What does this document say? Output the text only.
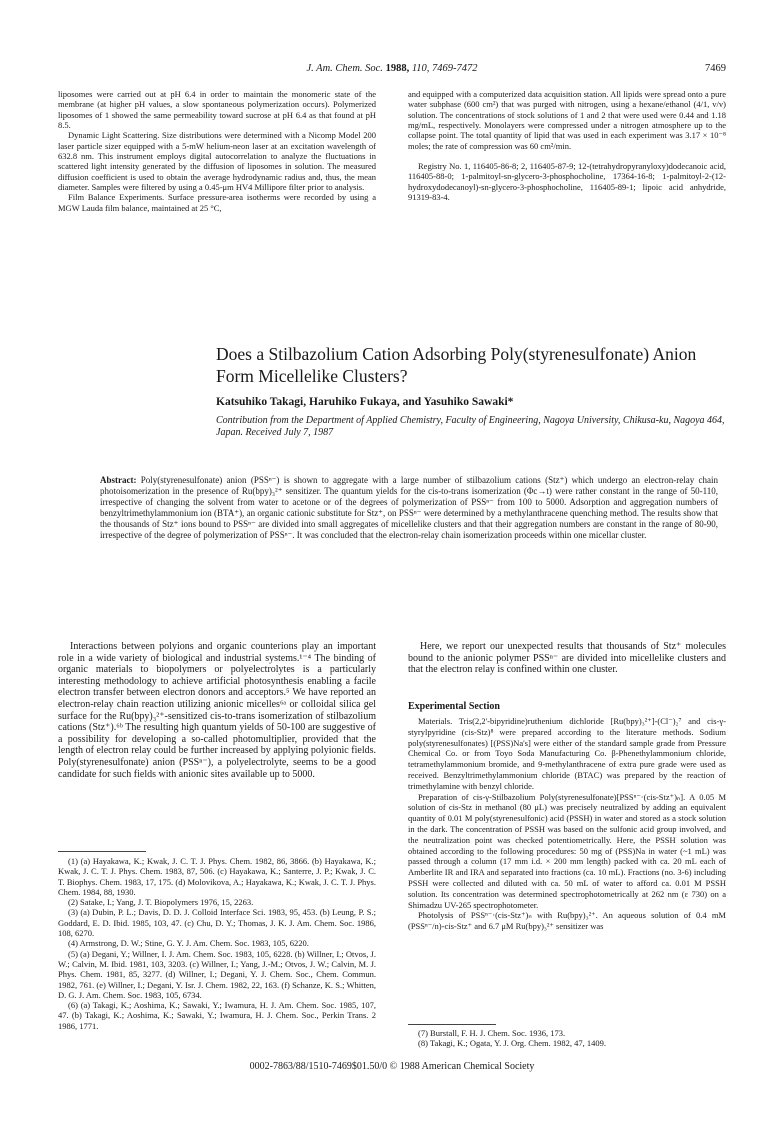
J. Am. Chem. Soc. 1988, 110, 7469-7472	7469

liposomes were carried out at pH 6.4 in order to maintain the monomeric state of the membrane (at higher pH values, a slow spontaneous polymerization occurs). Polymerized liposomes of 1 showed the same permeability toward sucrose at pH 6.4 as that found at pH 8.5.

Dynamic Light Scattering. Size distributions were determined with a Nicomp Model 200 laser particle sizer equipped with a 5-mW helium-neon laser at an excitation wavelength of 632.8 nm. This instrument employs digital autocorrelation to analyze the fluctuations in scattered light intensity generated by the diffusion of liposomes in solution. The measured diffusion coefficient is used to obtain the average hydrodynamic radius and, thus, the mean diameter. Samples were filtered by using a 0.45-μm HV4 Millipore filter prior to analysis.

Film Balance Experiments. Surface pressure-area isotherms were recorded by using a MGW Lauda film balance, maintained at 25 °C,

and equipped with a computerized data acquisition station. All lipids were spread onto a pure water subphase (600 cm²) that was purged with nitrogen, using a hexane/ethanol (4/1, v/v) solution. The concentrations of stock solutions of 1 and 2 that were used were 0.44 and 1.18 mg/mL, respectively. Monolayers were compressed under a nitrogen atmosphere up to the collapse point. The total quantity of lipid that was used in each experiment was 3.17 × 10⁻⁸ moles; the rate of compression was 60 cm²/min.

Registry No. 1, 116405-86-8; 2, 116405-87-9; 12-(tetrahydropyranyloxy)dodecanoic acid, 116405-88-0; 1-palmitoyl-sn-glycero-3-phosphocholine, 17364-16-8; 1-palmitoyl-2-(12-hydroxydodecanoyl)-sn-glycero-3-phosphocholine, 116405-89-1; lipoic acid anhydride, 91319-83-4.

Does a Stilbazolium Cation Adsorbing Poly(styrenesulfonate) Anion Form Micellelike Clusters?
Katsuhiko Takagi, Haruhiko Fukaya, and Yasuhiko Sawaki*
Contribution from the Department of Applied Chemistry, Faculty of Engineering, Nagoya University, Chikusa-ku, Nagoya 464, Japan. Received July 7, 1987
Abstract: Poly(styrenesulfonate) anion (PSSⁿ⁻) is shown to aggregate with a large number of stilbazolium cations (Stz⁺) which undergo an electron-relay chain photoisomerization in the presence of Ru(bpy)₃²⁺ sensitizer. The quantum yields for the cis-to-trans isomerization (Φc→t) were rather constant in the range of 50-110, irrespective of changing the solvent from water to acetone or of the degrees of polymerization of PSSⁿ⁻ from 100 to 5000. Adsorption and aggregation numbers of benzyltrimethylammonium ion (BTA⁺), an organic cationic substitute for Stz⁺, on PSSⁿ⁻ were determined by a methylanthracene quenching method. The results show that the thousands of Stz⁺ ions bound to PSSⁿ⁻ are divided into small aggregates of micellelike clusters and that their aggregation numbers are constant in the range of 80-90, irrespective of the degree of polymerization of PSSⁿ⁻. It was concluded that the electron-relay chain isomerization proceeds within one micellar cluster.

Interactions between polyions and organic counterions play an important role in a wide variety of biological and industrial systems.¹⁻⁴ The binding of organic materials to biopolymers or polyelectrolytes is a particularly interesting methodology to achieve artificial photosynthesis enabling a facile electron transfer between electron donors and acceptors.⁵ We have reported an electron-relay chain reaction utilizing anionic micelles⁶ᵃ or colloidal silica gel surface for the Ru(bpy)₃²⁺-sensitized cis-to-trans isomerization of stilbazolium cations (Stz⁺).⁶ᵇ The resulting high quantum yields of 50-100 are suggestive of a possibility for developing a so-called photomultiplier, provided that the length of electron relay could be further increased by applying polyionic fields. Poly(styrenesulfonate) anion (PSSⁿ⁻), a polyelectrolyte, seems to be a good candidate for such fields with anionic sites available up to 5000.

(1) (a) Hayakawa, K.; Kwak, J. C. T. J. Phys. Chem. 1982, 86, 3866. (b) Hayakawa, K.; Kwak, J. C. T. J. Phys. Chem. 1983, 87, 506. (c) Hayakawa, K.; Santerre, J. P.; Kwak, J. C. T. Biophys. Chem. 1983, 17, 175. (d) Molovikova, A.; Hayakawa, K.; Kwak, J. C. T. J. Phys. Chem. 1984, 88, 1930.

(2) Satake, I.; Yang, J. T. Biopolymers 1976, 15, 2263.

(3) (a) Dubin, P. L.; Davis, D. D. J. Colloid Interface Sci. 1983, 95, 453. (b) Leung, P. S.; Goddard, E. D. Ibid. 1985, 103, 47. (c) Chu, D. Y.; Thomas, J. K. J. Am. Chem. Soc. 1986, 108, 6270.

(4) Armstrong, D. W.; Stine, G. Y. J. Am. Chem. Soc. 1983, 105, 6220.

(5) (a) Degani, Y.; Willner, I. J. Am. Chem. Soc. 1983, 105, 6228. (b) Willner, I.; Otvos, J. W.; Calvin, M. Ibid. 1981, 103, 3203. (c) Willner, I.; Yang, J.-M.; Otvos, J. W.; Calvin, M. J. Phys. Chem. 1981, 85, 3277. (d) Willner, I.; Degani, Y. J. Chem. Soc., Chem. Commun. 1982, 761. (e) Willner, I.; Degani, Y. Isr. J. Chem. 1982, 22, 163. (f) Schanze, K. S.; Whitten, D. G. J. Am. Chem. Soc. 1983, 105, 6734.

(6) (a) Takagi, K.; Aoshima, K.; Sawaki, Y.; Iwamura, H. J. Am. Chem. Soc. 1985, 107, 47. (b) Takagi, K.; Aoshima, K.; Sawaki, Y.; Iwamura, H. J. Chem. Soc., Perkin Trans. 2 1986, 1771.

Here, we report our unexpected results that thousands of Stz⁺ molecules bound to the anionic polymer PSSⁿ⁻ are divided into micellelike clusters and that the electron relay is confined within one cluster.

Experimental Section

Materials. Tris(2,2'-bipyridine)ruthenium dichloride [Ru(bpy)₃²⁺]-(Cl⁻)₂⁷ and cis-γ-styrylpyridine (cis-Stz)⁸ were prepared according to the literature methods. Sodium poly(styrenesulfonates) [(PSS)Na's] were either of the standard sample grade from Pressure Chemical Co. or from Toyo Soda Manufacturing Co. β-Phenethylammonium chloride, tetramethylammonium bromide, and 9-methylanthracene of extra pure grade were used as received. Benzyltrimethylammonium chloride (BTAC) was prepared by the reaction of trimethylamine with benzyl chloride.

Preparation of cis-γ-Stilbazolium Poly(styrenesulfonate)[PSSⁿ⁻·(cis-Stz⁺)ₙ]. A 0.05 M solution of cis-Stz in methanol (80 μL) was precisely neutralized by adding an equivalent quantity of 0.01 M poly(styrenesulfonic) acid (PSSH) in water and stored as a stock solution in the dark. The concentration of PSSH was based on the sulfonic acid group involved, and the neutralization point was checked potentiometrically. Here, the PSSH solution was obtained according to the following procedures: 50 mg of (PSS)Na in water (~1 mL) was passed through a column (17 mm i.d. × 200 mm length) packed with ca. 20 mL each of Amberlite IR and IRA and separated into fractions (ca. 10 mL). Fractions (no. 3-6) including PSSH were collected and diluted with ca. 50 mL of water to afford ca. 0.01 M PSSH solution. Its concentration was determined spectrophotometrically at 262 nm (ε 730) on a Shimadzu UV-265 spectrophotometer.

Photolysis of PSSⁿ⁻·(cis-Stz⁺)ₙ with Ru(bpy)₃²⁺. An aqueous solution of 0.4 mM (PSSⁿ⁻/n)-cis-Stz⁺ and 6.7 μM Ru(bpy)₃²⁺ sensitizer was

(7) Burstall, F. H. J. Chem. Soc. 1936, 173.

(8) Takagi, K.; Ogata, Y. J. Org. Chem. 1982, 47, 1409.

0002-7863/88/1510-7469$01.50/0 © 1988 American Chemical Society
